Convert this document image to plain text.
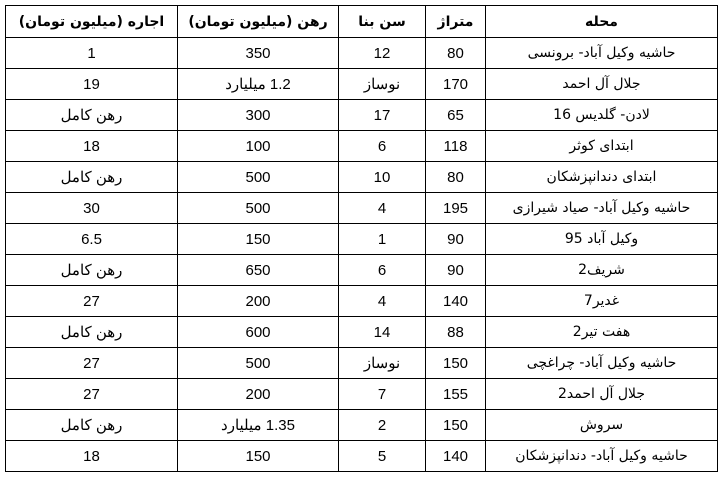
محله	متراژ	سن بنا	رهن (میلیون تومان)	اجاره (میلیون تومان)
حاشیه وکیل آباد- برونسی	80	12	350	1
جلال آل احمد	170	نوساز	1.2 میلیارد	19
لادن- گلدیس 16	65	17	300	رهن کامل
ابتدای کوثر	118	6	100	18
ابتدای دندانپزشکان	80	10	500	رهن کامل
حاشیه وکیل آباد- صیاد شیرازی	195	4	500	30
وکیل آباد 95	90	1	150	6.5
شریف2	90	6	650	رهن کامل
غدیر7	140	4	200	27
هفت تیر2	88	14	600	رهن کامل
حاشیه وکیل آباد- چراغچی	150	نوساز	500	27
جلال آل احمد2	155	7	200	27
سروش	150	2	1.35 میلیارد	رهن کامل
حاشیه وکیل آباد- دندانپزشکان	140	5	150	18
